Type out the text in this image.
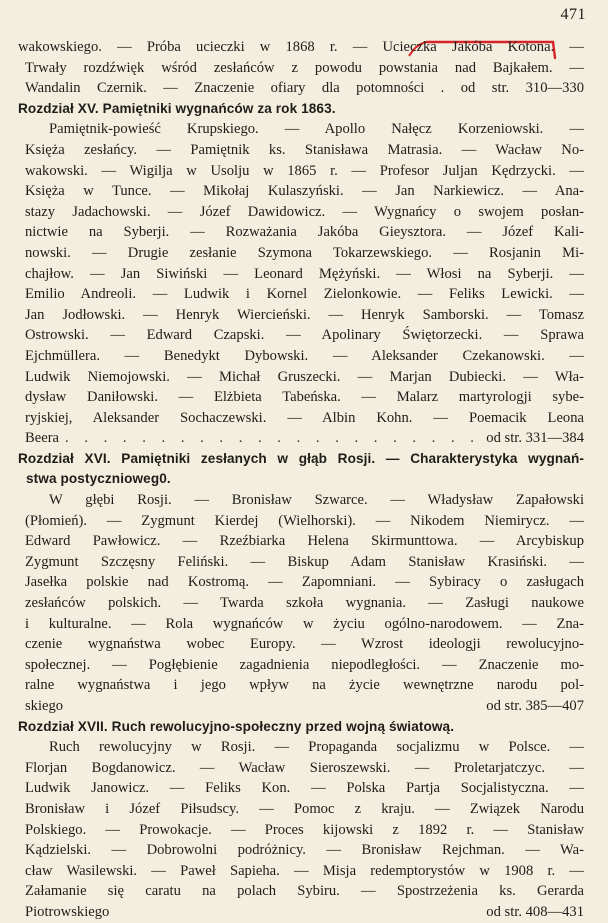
471
wakowskiego. — Próba ucieczki w 1868 r. — Ucieczka Jakóba Kotona. —
Trwały rozdźwięk wśród zesłańców z powodu powstania nad Bajkałem. —
Wandalin Czernik. — Znaczenie ofiary dla potomności . od str. 310—330
Rozdział XV. Pamiętniki wygnańców za rok 1863.
Pamiętnik-powieść Krupskiego. — Apollo Nałęcz Korzeniowski. —
Księża zesłańcy. — Pamiętnik ks. Stanisława Matrasia. — Wacław No-
wakowski. — Wigilja w Usolju w 1865 r. — Profesor Juljan Kędrzycki. —
Księża w Tunce. — Mikołaj Kulaszyński. — Jan Narkiewicz. — Ana-
stazy Jadachowski. — Józef Dawidowicz. — Wygnańcy o swojem posłan-
nictwie na Syberji. — Rozważania Jakóba Gieysztora. — Józef Kali-
nowski. — Drugie zesłanie Szymona Tokarzewskiego. — Rosjanin Mi-
chajłow. — Jan Siwiński — Leonard Mężyński. — Włosi na Syberji. —
Emilio Andreoli. — Ludwik i Kornel Zielonkowie. — Feliks Lewicki. —
Jan Jodłowski. — Henryk Wiercieński. — Henryk Samborski. — Tomasz
Ostrowski. — Edward Czapski. — Apolinary Świętorzecki. — Sprawa
Ejchmüllera. — Benedykt Dybowski. — Aleksander Czekanowski. —
Ludwik Niemojowski. — Michał Gruszecki. — Marjan Dubiecki. — Wła-
dysław Daniłowski. — Elżbieta Tabeńska. — Malarz martyrologji sybe-
ryjskiej, Aleksander Sochaczewski. — Albin Kohn. — Poemacik Leona
Beera
. . .	od str. 331—384
Rozdział XVI. Pamiętniki zesłanych w głąb Rosji. — Charakterystyka wygnań-
stwa postycznioweg0.
W głębi Rosji. — Bronisław Szwarce. — Władysław Zapałowski
(Płomień). — Zygmunt Kierdej (Wielhorski). — Nikodem Niemirycz. —
Edward Pawłowicz. — Rzeźbiarka Helena Skirmunttowa. — Arcybiskup
Zygmunt Szczęsny Feliński. — Biskup Adam Stanisław Krasiński. —
Jasełka polskie nad Kostromą. — Zapomniani. — Sybiracy o zasługach
zesłańców polskich. — Twarda szkoła wygnania. — Zasługi naukowe
i kulturalne. — Rola wygnańców w życiu ogólno-narodowem. — Zna-
czenie wygnaństwa wobec Europy. — Wzrost ideologji rewolucyjno-
społecznej. — Pogłębienie zagadnienia niepodległości. — Znaczenie mo-
ralne wygnaństwa i jego wpływ na życie wewnętrzne narodu pol-
skiego	od str. 385—407
Rozdział XVII. Ruch rewolucyjno-społeczny przed wojną światową.
Ruch rewolucyjny w Rosji. — Propaganda socjalizmu w Polsce. —
Florjan Bogdanowicz. — Wacław Sieroszewski. — Proletarjatczyc. —
Ludwik Janowicz. — Feliks Kon. — Polska Partja Socjalistyczna. —
Bronisław i Józef Piłsudscy. — Pomoc z kraju. — Związek Narodu
Polskiego. — Prowokacje. — Proces kijowski z 1892 r. — Stanisław
Kądzielski. — Dobrowolni podróżnicy. — Bronisław Rejchman. — Wa-
cław Wasilewski. — Paweł Sapieha. — Misja redemptorystów w 1908 r. —
Załamanie się caratu na polach Sybiru. — Spostrzeżenia ks. Gerarda
Piotrowskiego	od str. 408—431
